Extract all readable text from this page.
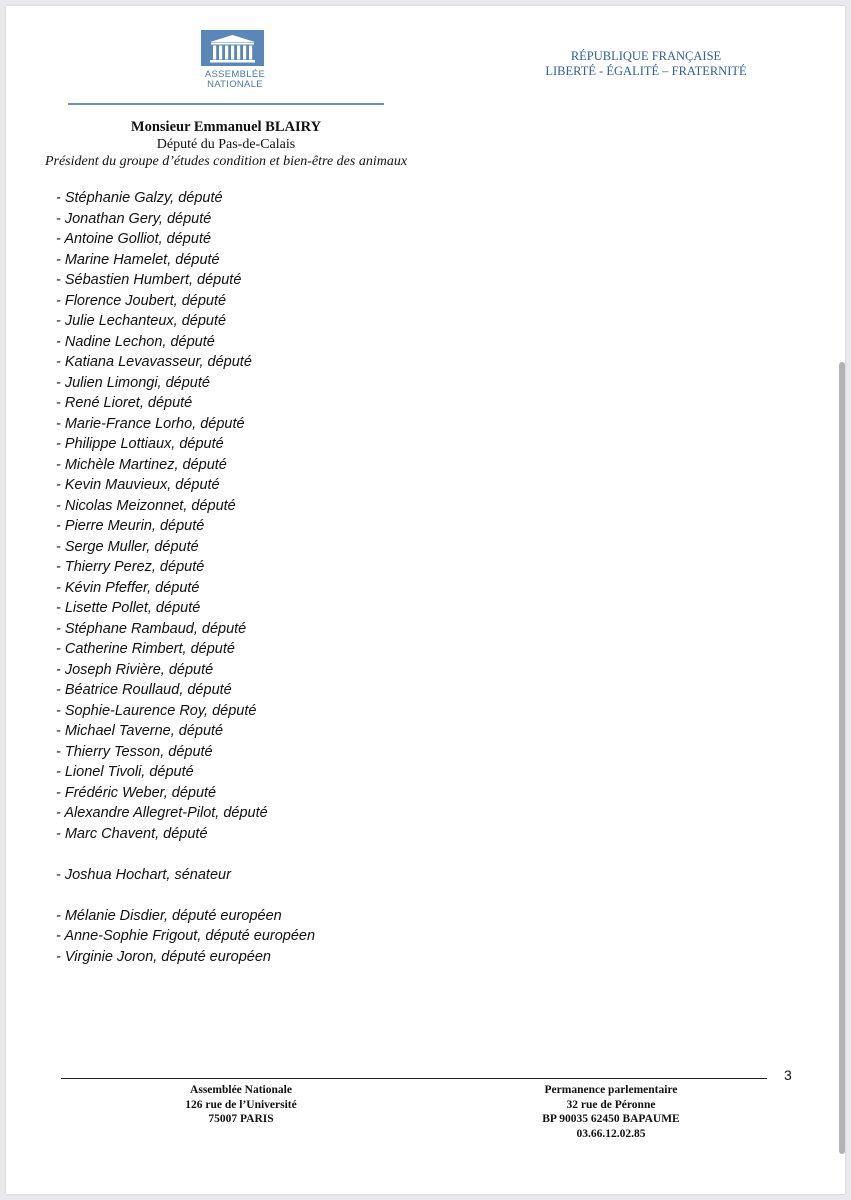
ASSEMBLÉE
NATIONALE
RÉPUBLIQUE FRANÇAISE
LIBERTÉ - ÉGALITÉ – FRATERNITÉ
Monsieur Emmanuel BLAIRY
Député du Pas-de-Calais
Président du groupe d’études condition et bien-être des animaux
- Stéphanie Galzy, député
- Jonathan Gery, député
- Antoine Golliot, député
- Marine Hamelet, député
- Sébastien Humbert, député
- Florence Joubert, député
- Julie Lechanteux, député
- Nadine Lechon, député
- Katiana Levavasseur, député
- Julien Limongi, député
- René Lioret, député
- Marie-France Lorho, député
- Philippe Lottiaux, député
- Michèle Martinez, député
- Kevin Mauvieux, député
- Nicolas Meizonnet, député
- Pierre Meurin, député
- Serge Muller, député
- Thierry Perez, député
- Kévin Pfeffer, député
- Lisette Pollet, député
- Stéphane Rambaud, député
- Catherine Rimbert, député
- Joseph Rivière, député
- Béatrice Roullaud, député
- Sophie-Laurence Roy, député
- Michael Taverne, député
- Thierry Tesson, député
- Lionel Tivoli, député
- Frédéric Weber, député
- Alexandre Allegret-Pilot, député
- Marc Chavent, député
- Joshua Hochart, sénateur
- Mélanie Disdier, député européen
- Anne-Sophie Frigout, député européen
- Virginie Joron, député européen
3
Assemblée Nationale
126 rue de l’Université
75007 PARIS
Permanence parlementaire
32 rue de Péronne
BP 90035 62450 BAPAUME
03.66.12.02.85
